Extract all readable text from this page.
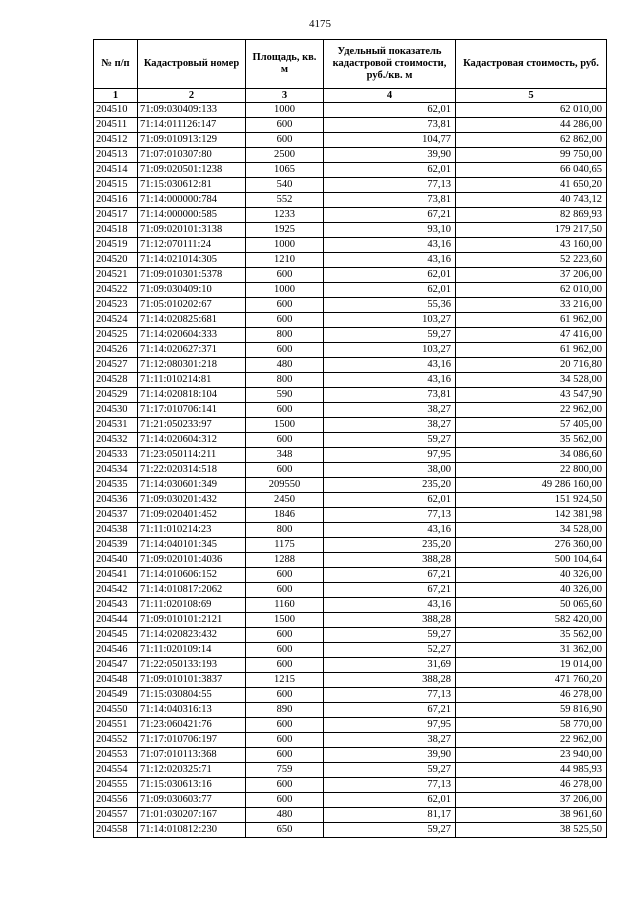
4175
№ п/п	Кадастровый номер	Площадь, кв. м	Удельный показатель кадастровой стоимости, руб./кв. м	Кадастровая стоимость, руб.
1	2	3	4	5
204510	71:09:030409:133	1000	62,01	62 010,00
204511	71:14:011126:147	600	73,81	44 286,00
204512	71:09:010913:129	600	104,77	62 862,00
204513	71:07:010307:80	2500	39,90	99 750,00
204514	71:09:020501:1238	1065	62,01	66 040,65
204515	71:15:030612:81	540	77,13	41 650,20
204516	71:14:000000:784	552	73,81	40 743,12
204517	71:14:000000:585	1233	67,21	82 869,93
204518	71:09:020101:3138	1925	93,10	179 217,50
204519	71:12:070111:24	1000	43,16	43 160,00
204520	71:14:021014:305	1210	43,16	52 223,60
204521	71:09:010301:5378	600	62,01	37 206,00
204522	71:09:030409:10	1000	62,01	62 010,00
204523	71:05:010202:67	600	55,36	33 216,00
204524	71:14:020825:681	600	103,27	61 962,00
204525	71:14:020604:333	800	59,27	47 416,00
204526	71:14:020627:371	600	103,27	61 962,00
204527	71:12:080301:218	480	43,16	20 716,80
204528	71:11:010214:81	800	43,16	34 528,00
204529	71:14:020818:104	590	73,81	43 547,90
204530	71:17:010706:141	600	38,27	22 962,00
204531	71:21:050233:97	1500	38,27	57 405,00
204532	71:14:020604:312	600	59,27	35 562,00
204533	71:23:050114:211	348	97,95	34 086,60
204534	71:22:020314:518	600	38,00	22 800,00
204535	71:14:030601:349	209550	235,20	49 286 160,00
204536	71:09:030201:432	2450	62,01	151 924,50
204537	71:09:020401:452	1846	77,13	142 381,98
204538	71:11:010214:23	800	43,16	34 528,00
204539	71:14:040101:345	1175	235,20	276 360,00
204540	71:09:020101:4036	1288	388,28	500 104,64
204541	71:14:010606:152	600	67,21	40 326,00
204542	71:14:010817:2062	600	67,21	40 326,00
204543	71:11:020108:69	1160	43,16	50 065,60
204544	71:09:010101:2121	1500	388,28	582 420,00
204545	71:14:020823:432	600	59,27	35 562,00
204546	71:11:020109:14	600	52,27	31 362,00
204547	71:22:050133:193	600	31,69	19 014,00
204548	71:09:010101:3837	1215	388,28	471 760,20
204549	71:15:030804:55	600	77,13	46 278,00
204550	71:14:040316:13	890	67,21	59 816,90
204551	71:23:060421:76	600	97,95	58 770,00
204552	71:17:010706:197	600	38,27	22 962,00
204553	71:07:010113:368	600	39,90	23 940,00
204554	71:12:020325:71	759	59,27	44 985,93
204555	71:15:030613:16	600	77,13	46 278,00
204556	71:09:030603:77	600	62,01	37 206,00
204557	71:01:030207:167	480	81,17	38 961,60
204558	71:14:010812:230	650	59,27	38 525,50
